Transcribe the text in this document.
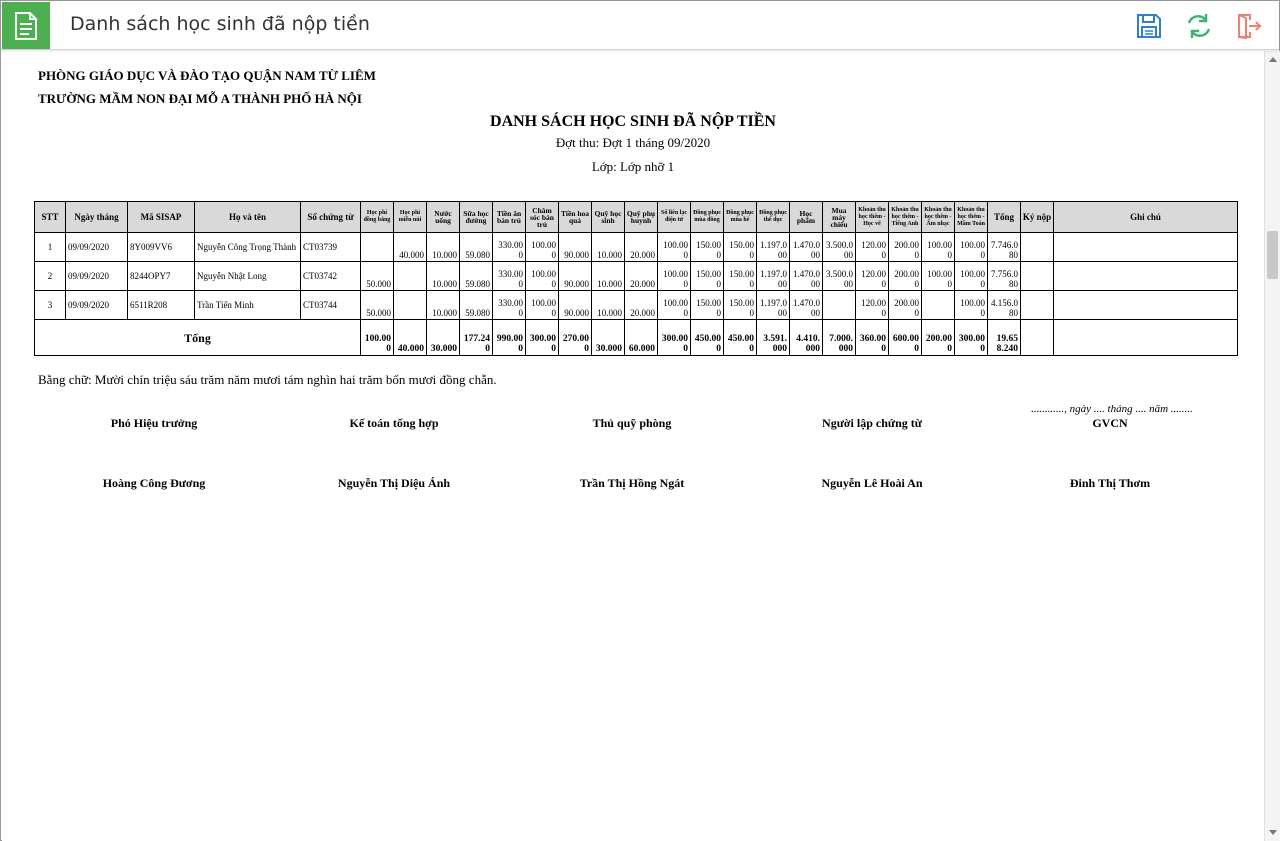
Danh sách học sinh đã nộp tiền
PHÒNG GIÁO DỤC VÀ ĐÀO TẠO QUẬN NAM TỪ LIÊM
TRƯỜNG MẦM NON ĐẠI MỖ A THÀNH PHỐ HÀ NỘI
DANH SÁCH HỌC SINH ĐÃ NỘP TIỀN
Đợt thu: Đợt 1 tháng 09/2020
Lớp: Lớp nhỡ 1
STT	Ngày tháng	Mã SISAP	Họ và tên	Số chứng từ	Học phí đồng bằng	Học phí miễn núi	Nước uống	Sữa học đường	Tiền ăn bán trú	Chăm sóc bán trú	Tiền hoa quả	Quỹ học sinh	Quỹ phụ huynh	Sổ liên lạc điện tử	Đồng phục mùa đông	Đồng phục mùa hè	Đồng phục thể dục	Học phẩm	Mua máy chiếu	Khoản thu học thêm - Học vẽ	Khoản thu học thêm - Tiếng Anh	Khoản thu học thêm - Âm nhạc	Khoản thu học thêm - Mầm Toán	Tổng	Ký nộp	Ghi chú
1	09/09/2020	8Y009VV6	Nguyễn Công Trọng Thành	CT03739		40.000	10.000	59.080	330.000	100.000	90.000	10.000	20.000	100.000	150.000	150.000	1.197.000	1.470.000	3.500.000	120.000	200.000	100.000	100.000	7.746.080		
2	09/09/2020	8244OPY7	Nguyễn Nhật Long	CT03742	50.000		10.000	59.080	330.000	100.000	90.000	10.000	20.000	100.000	150.000	150.000	1.197.000	1.470.000	3.500.000	120.000	200.000	100.000	100.000	7.756.080		
3	09/09/2020	6511R208	Trần Tiến Minh	CT03744	50.000		10.000	59.080	330.000	100.000	90.000	10.000	20.000	100.000	150.000	150.000	1.197.000	1.470.000		120.000	200.000		100.000	4.156.080		
Tổng					100.000	40.000	30.000	177.240	990.000	300.000	270.000	30.000	60.000	300.000	450.000	450.000	3.591.000	4.410.000	7.000.000	360.000	600.000	200.000	300.000	19.658.240		
Bằng chữ: Mười chín triệu sáu trăm năm mươi tám nghìn hai trăm bốn mươi đồng chẵn.
............, ngày .... tháng .... năm ........
Phó Hiệu trưởng
Hoàng Công Đương
Kế toán tổng hợp
Nguyễn Thị Diệu Ánh
Thủ quỹ phòng
Trần Thị Hồng Ngát
Người lập chứng từ
Nguyễn Lê Hoài An
GVCN
Đinh Thị Thơm
